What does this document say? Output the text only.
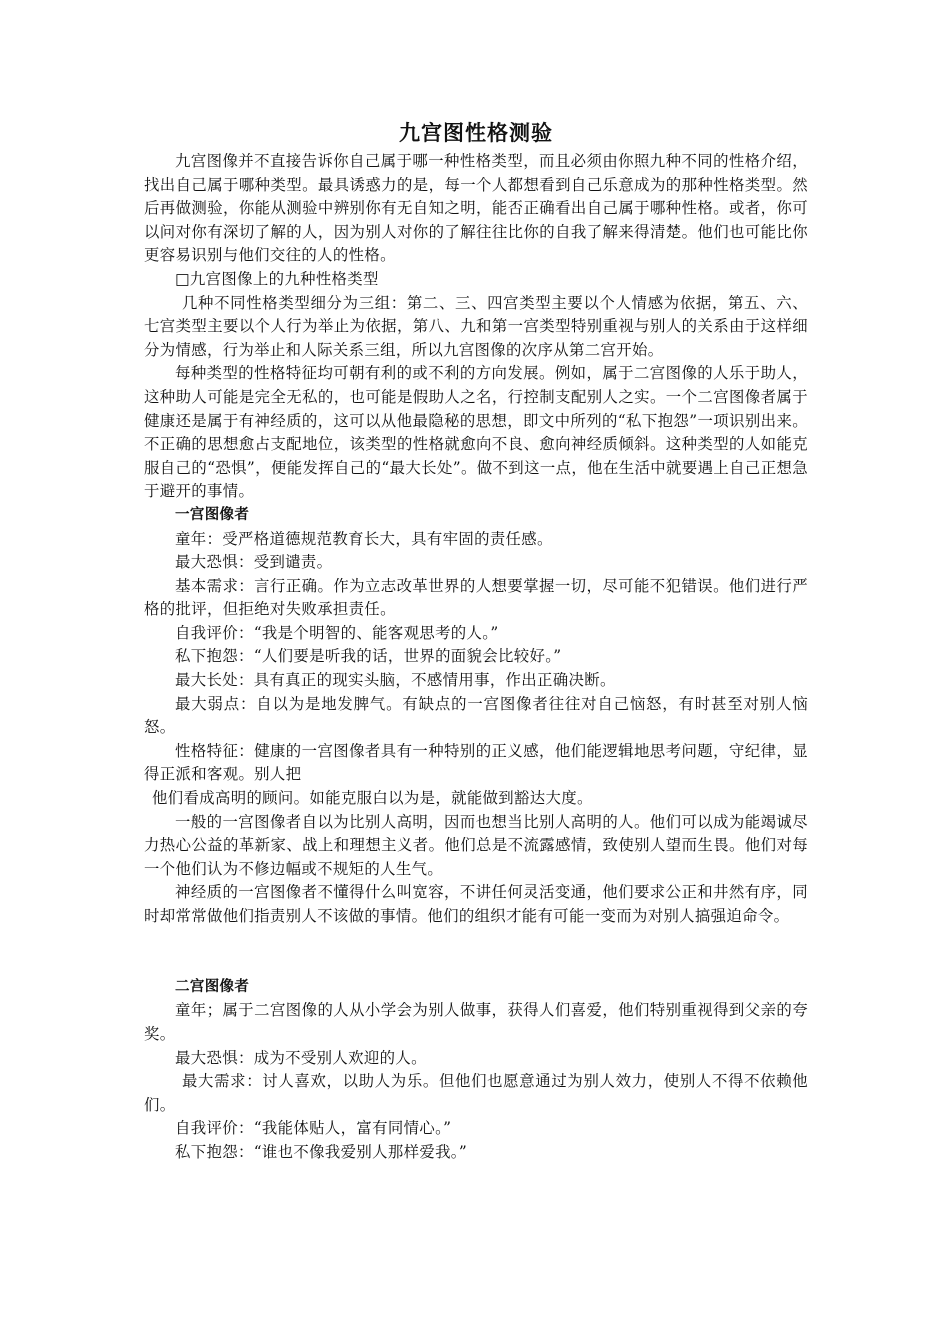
九宫图性格测验

九宫图像并不直接告诉你自己属于哪一种性格类型，而且必须由你照九种不同的性格介绍，找出自己属于哪种类型。最具诱惑力的是，每一个人都想看到自己乐意成为的那种性格类型。然后再做测验，你能从测验中辨别你有无自知之明，能否正确看出自己属于哪种性格。或者，你可以问对你有深切了解的人，因为别人对你的了解往往比你的自我了解来得清楚。他们也可能比你更容易识别与他们交往的人的性格。

□九宫图像上的九种性格类型

几种不同性格类型细分为三组：第二、三、四宫类型主要以个人情感为依据，第五、六、七宫类型主要以个人行为举止为依据，第八、九和第一宫类型特别重视与别人的关系由于这样细分为情感，行为举止和人际关系三组，所以九宫图像的次序从第二宫开始。

每种类型的性格特征均可朝有利的或不利的方向发展。例如，属于二宫图像的人乐于助人，这种助人可能是完全无私的，也可能是假助人之名，行控制支配别人之实。一个二宫图像者属于健康还是属于有神经质的，这可以从他最隐秘的思想，即文中所列的“私下抱怨”一项识别出来。不正确的思想愈占支配地位，该类型的性格就愈向不良、愈向神经质倾斜。这种类型的人如能克服自己的“恐惧”，便能发挥自己的“最大长处”。做不到这一点，他在生活中就要遇上自己正想急于避开的事情。

一宫图像者

童年：受严格道德规范教育长大，具有牢固的责任感。

最大恐惧：受到谴责。

基本需求：言行正确。作为立志改革世界的人想要掌握一切，尽可能不犯错误。他们进行严格的批评，但拒绝对失败承担责任。

自我评价：“我是个明智的、能客观思考的人。”

私下抱怨：“人们要是听我的话，世界的面貌会比较好。”

最大长处：具有真正的现实头脑，不感情用事，作出正确决断。

最大弱点：自以为是地发脾气。有缺点的一宫图像者往往对自己恼怒，有时甚至对别人恼怒。

性格特征：健康的一宫图像者具有一种特别的正义感，他们能逻辑地思考问题，守纪律，显得正派和客观。别人把

他们看成高明的顾问。如能克服白以为是，就能做到豁达大度。

一般的一宫图像者自以为比别人高明，因而也想当比别人高明的人。他们可以成为能竭诚尽力热心公益的革新家、战上和理想主义者。他们总是不流露感情，致使别人望而生畏。他们对每一个他们认为不修边幅或不规矩的人生气。

神经质的一宫图像者不懂得什么叫宽容，不讲任何灵活变通，他们要求公正和井然有序，同时却常常做他们指责别人不该做的事情。他们的组织才能有可能一变而为对别人搞强迫命令。

二宫图像者

童年；属于二宫图像的人从小学会为别人做事，获得人们喜爱，他们特别重视得到父亲的夸奖。

最大恐惧：成为不受别人欢迎的人。

最大需求：讨人喜欢，以助人为乐。但他们也愿意通过为别人效力，使别人不得不依赖他们。

自我评价：“我能体贴人，富有同情心。”

私下抱怨：“谁也不像我爱别人那样爱我。”
